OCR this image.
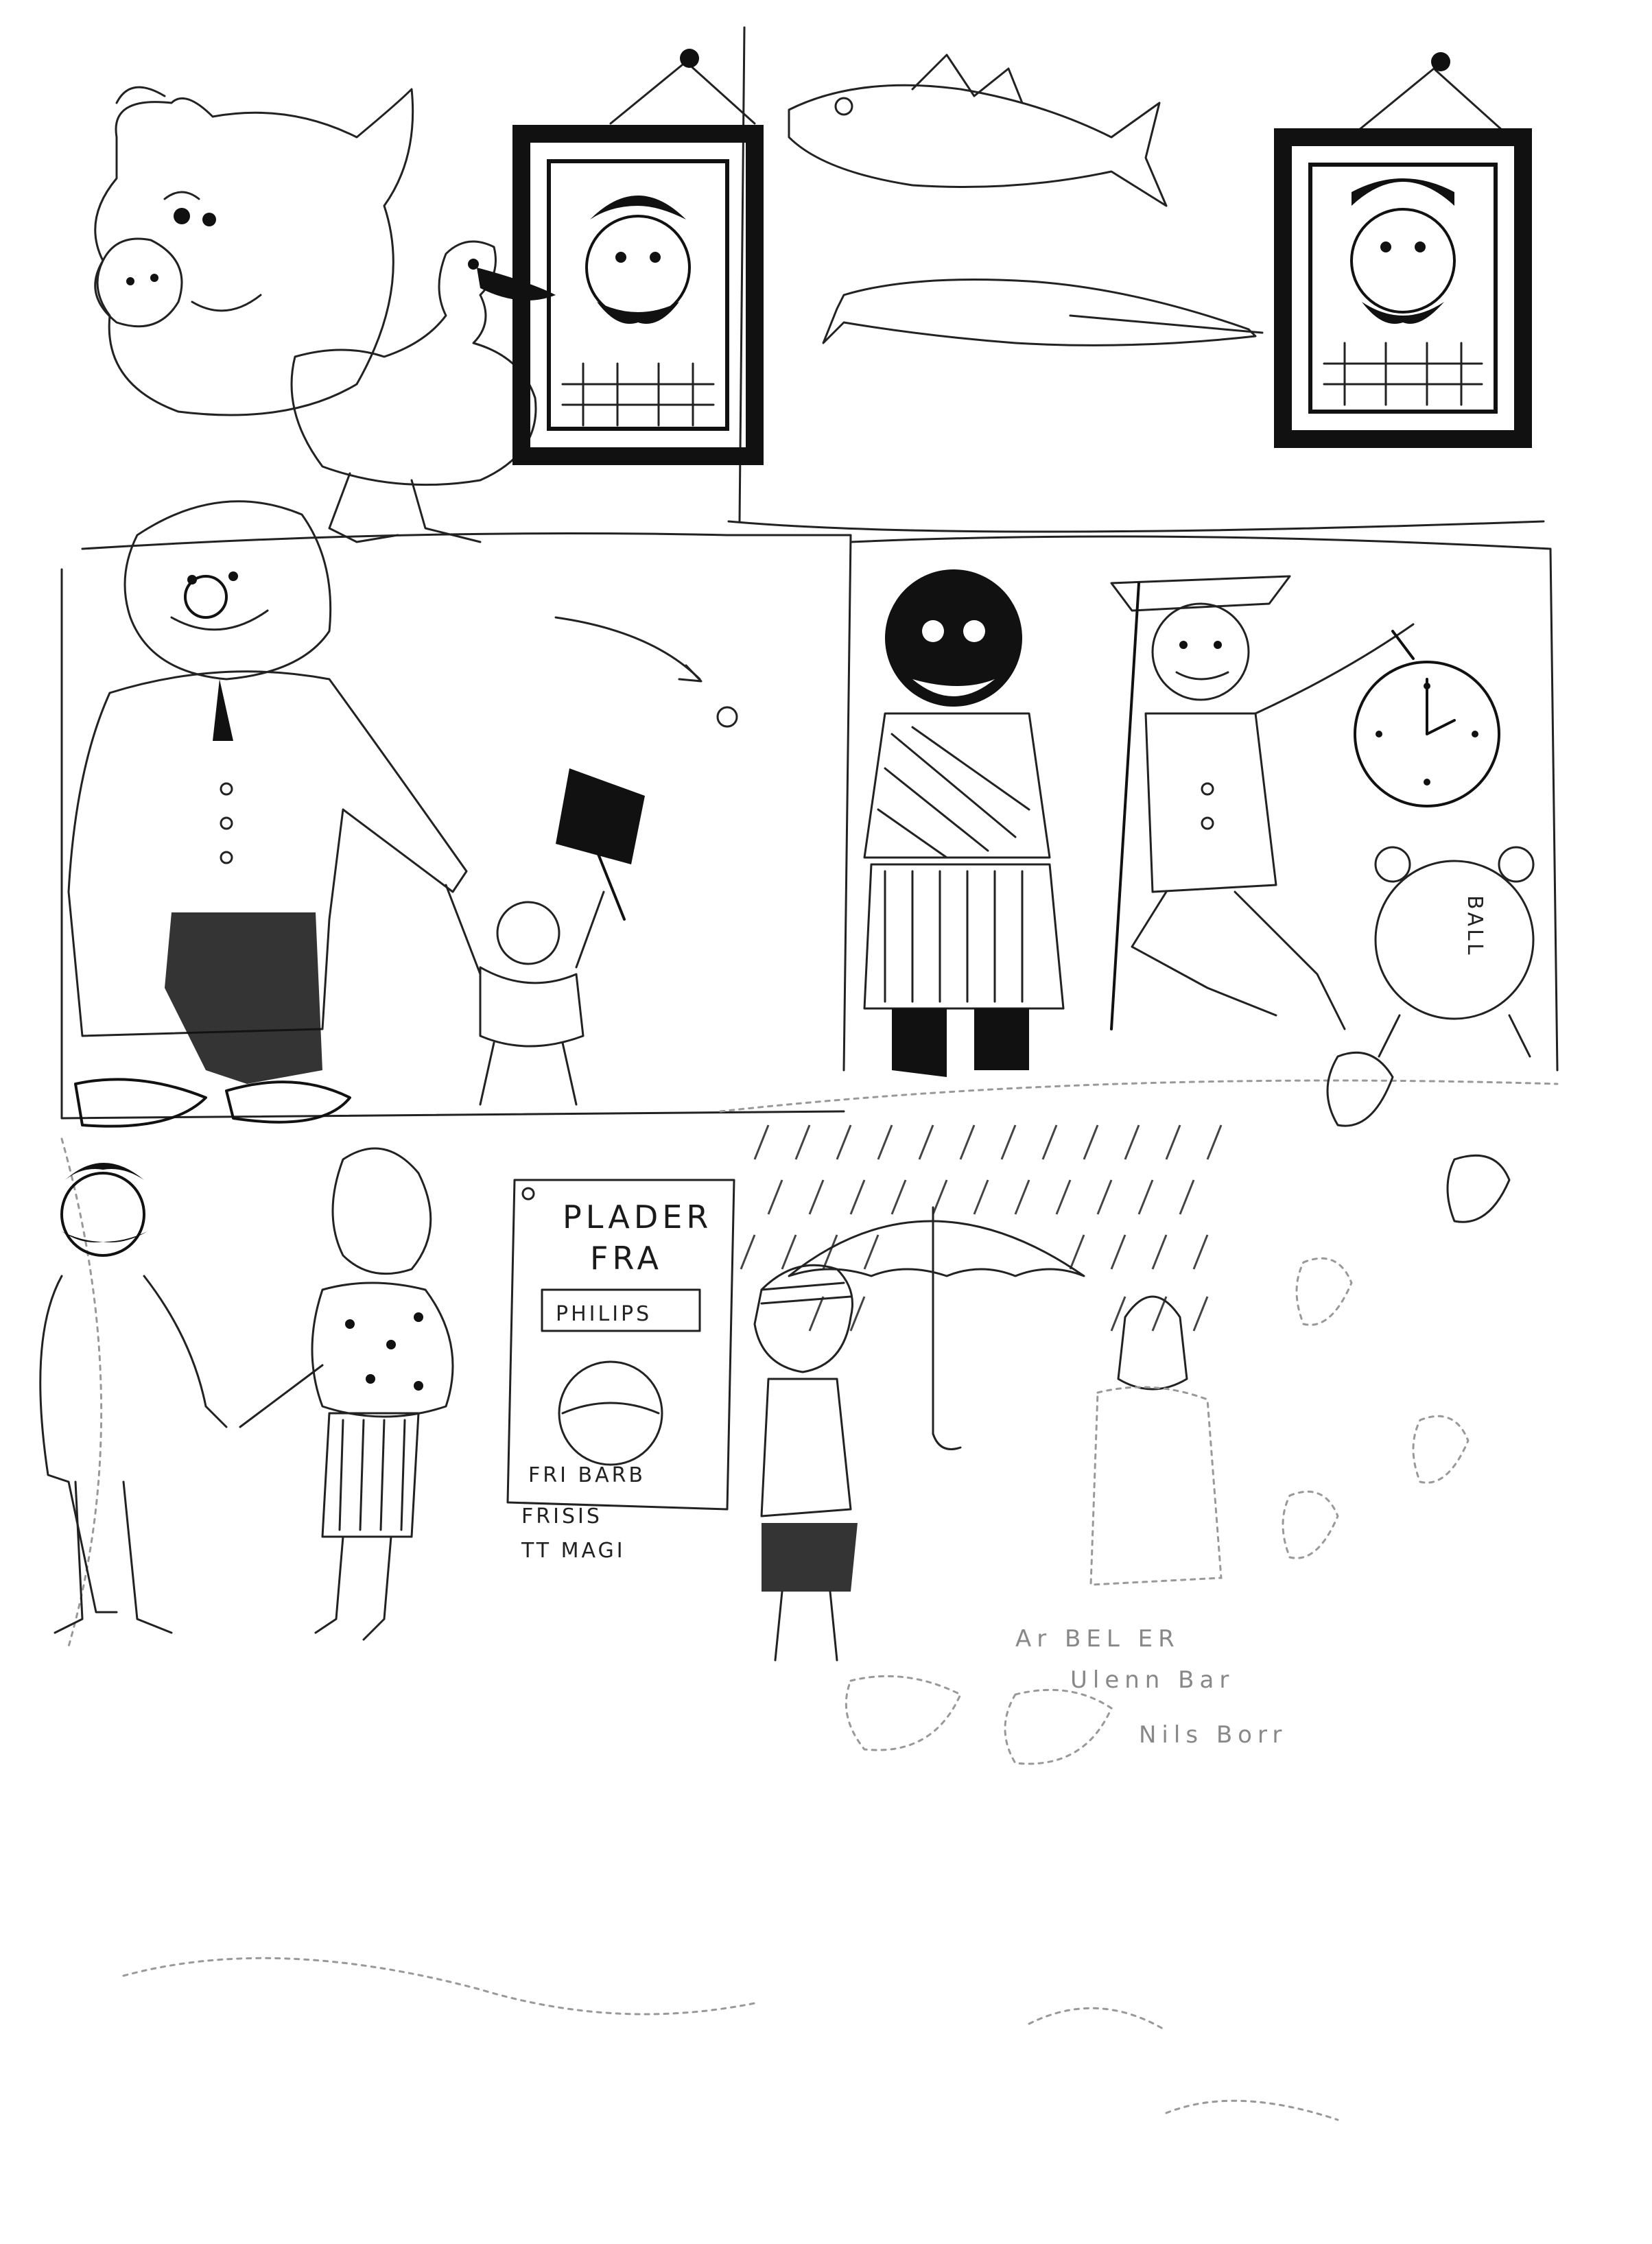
BALL
PLADER
FRA
PHILIPS
FRI BARB
FRISIS
TT MAGI
Ar BEL ER
Ulenn Bar
Nils Borr
